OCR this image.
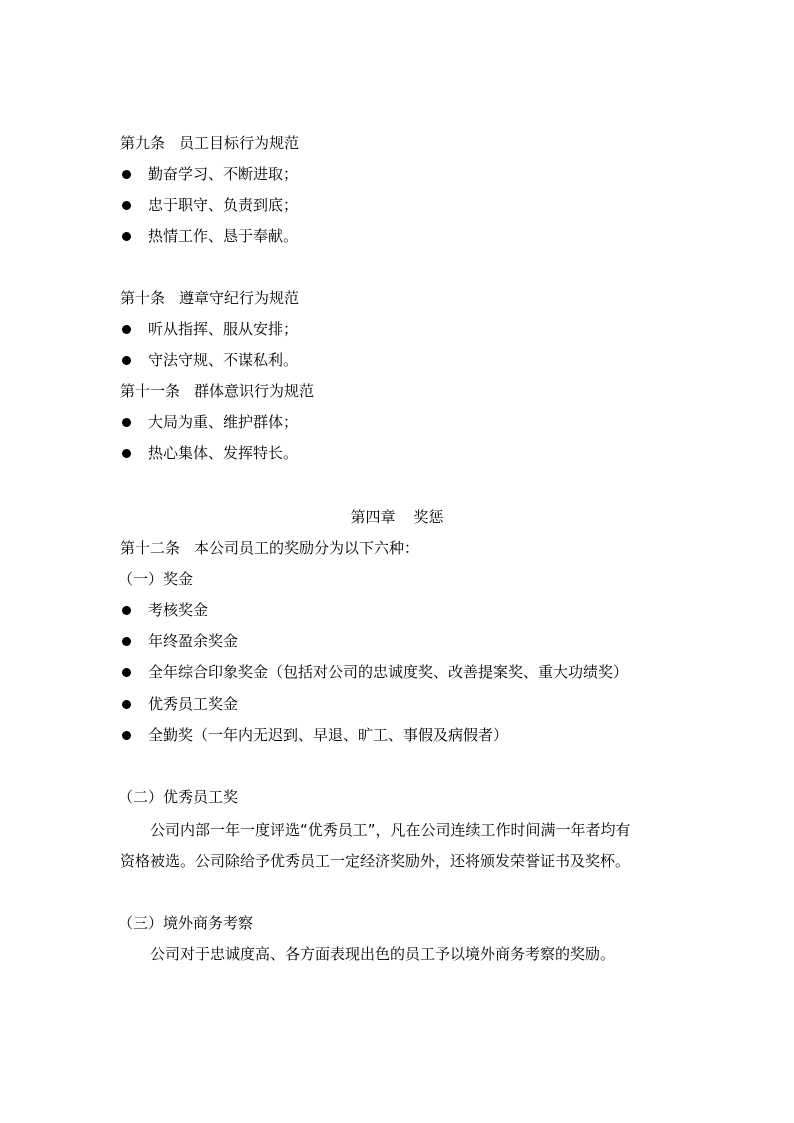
第九条 员工目标行为规范
勤奋学习、不断进取；
忠于职守、负责到底；
热情工作、恳于奉献。
第十条 遵章守纪行为规范
听从指挥、服从安排；
守法守规、不谋私利。
第十一条 群体意识行为规范
大局为重、维护群体；
热心集体、发挥特长。
第四章 奖惩
第十二条 本公司员工的奖励分为以下六种：
（一）奖金
考核奖金
年终盈余奖金
全年综合印象奖金（包括对公司的忠诚度奖、改善提案奖、重大功绩奖）
优秀员工奖金
全勤奖（一年内无迟到、早退、旷工、事假及病假者）
（二）优秀员工奖
公司内部一年一度评选“优秀员工”，凡在公司连续工作时间满一年者均有
资格被选。公司除给予优秀员工一定经济奖励外，还将颁发荣誉证书及奖杯。
（三）境外商务考察
公司对于忠诚度高、各方面表现出色的员工予以境外商务考察的奖励。
